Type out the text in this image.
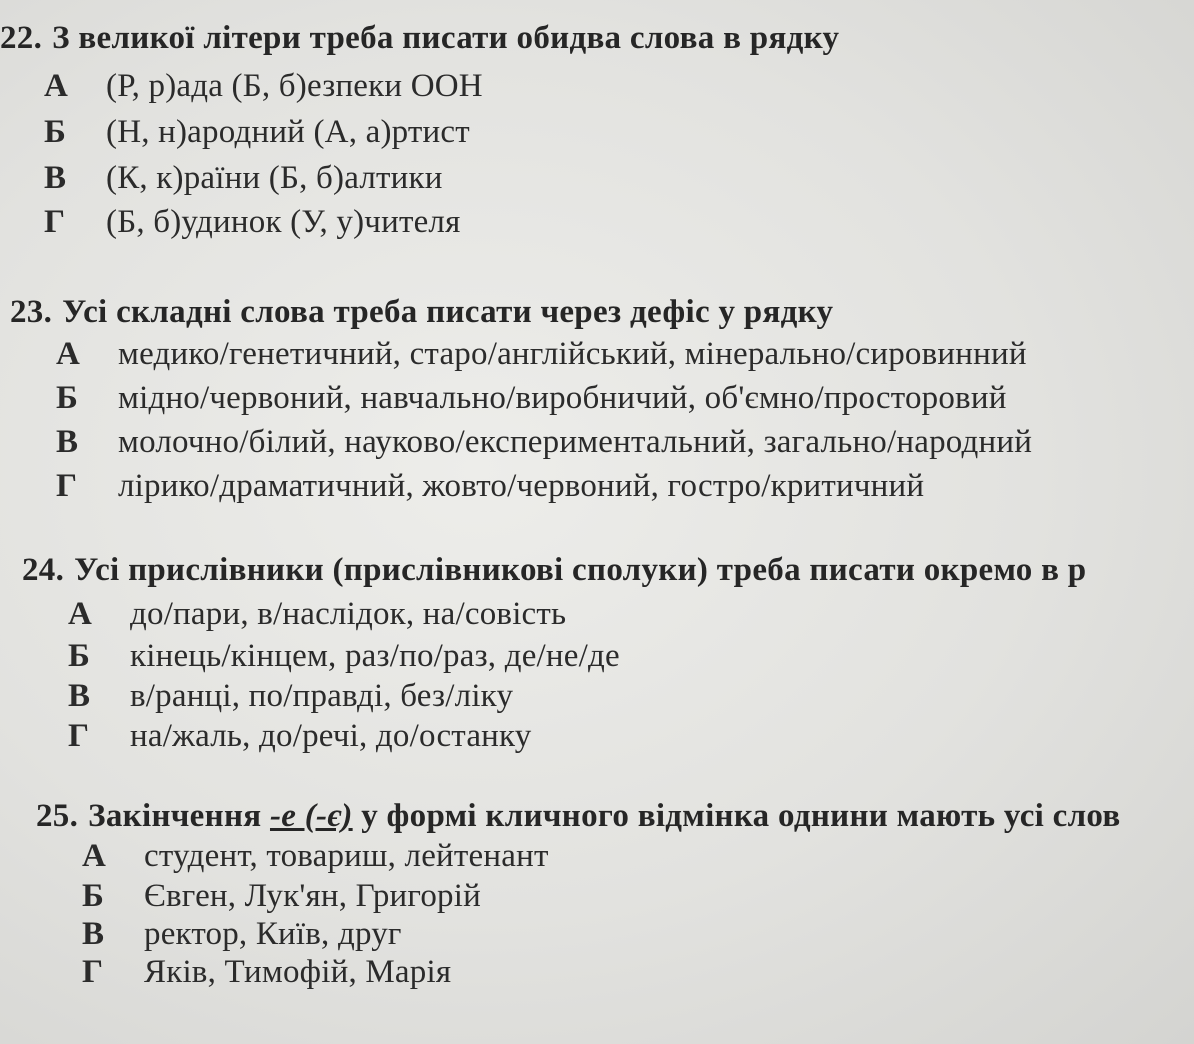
22. З великої літери треба писати обидва слова в рядку
А (Р, р)ада (Б, б)езпеки ООН
Б (Н, н)ародний (А, а)ртист
В (К, к)раїни (Б, б)алтики
Г (Б, б)удинок (У, у)чителя
23. Усі складні слова треба писати через дефіс у рядку
А медико/генетичний, старо/англійський, мінерально/сировинний
Б мідно/червоний, навчально/виробничий, об'ємно/просторовий
В молочно/білий, науково/експериментальний, загально/народний
Г лірико/драматичний, жовто/червоний, гостро/критичний
24. Усі прислівники (прислівникові сполуки) треба писати окремо в р
А до/пари, в/наслідок, на/совість
Б кінець/кінцем, раз/по/раз, де/не/де
В в/ранці, по/правді, без/ліку
Г на/жаль, до/речі, до/останку
25. Закінчення -е (-є) у формі кличного відмінка однини мають усі слов
А студент, товариш, лейтенант
Б Євген, Лук'ян, Григорій
В ректор, Київ, друг
Г Яків, Тимофій, Марія
